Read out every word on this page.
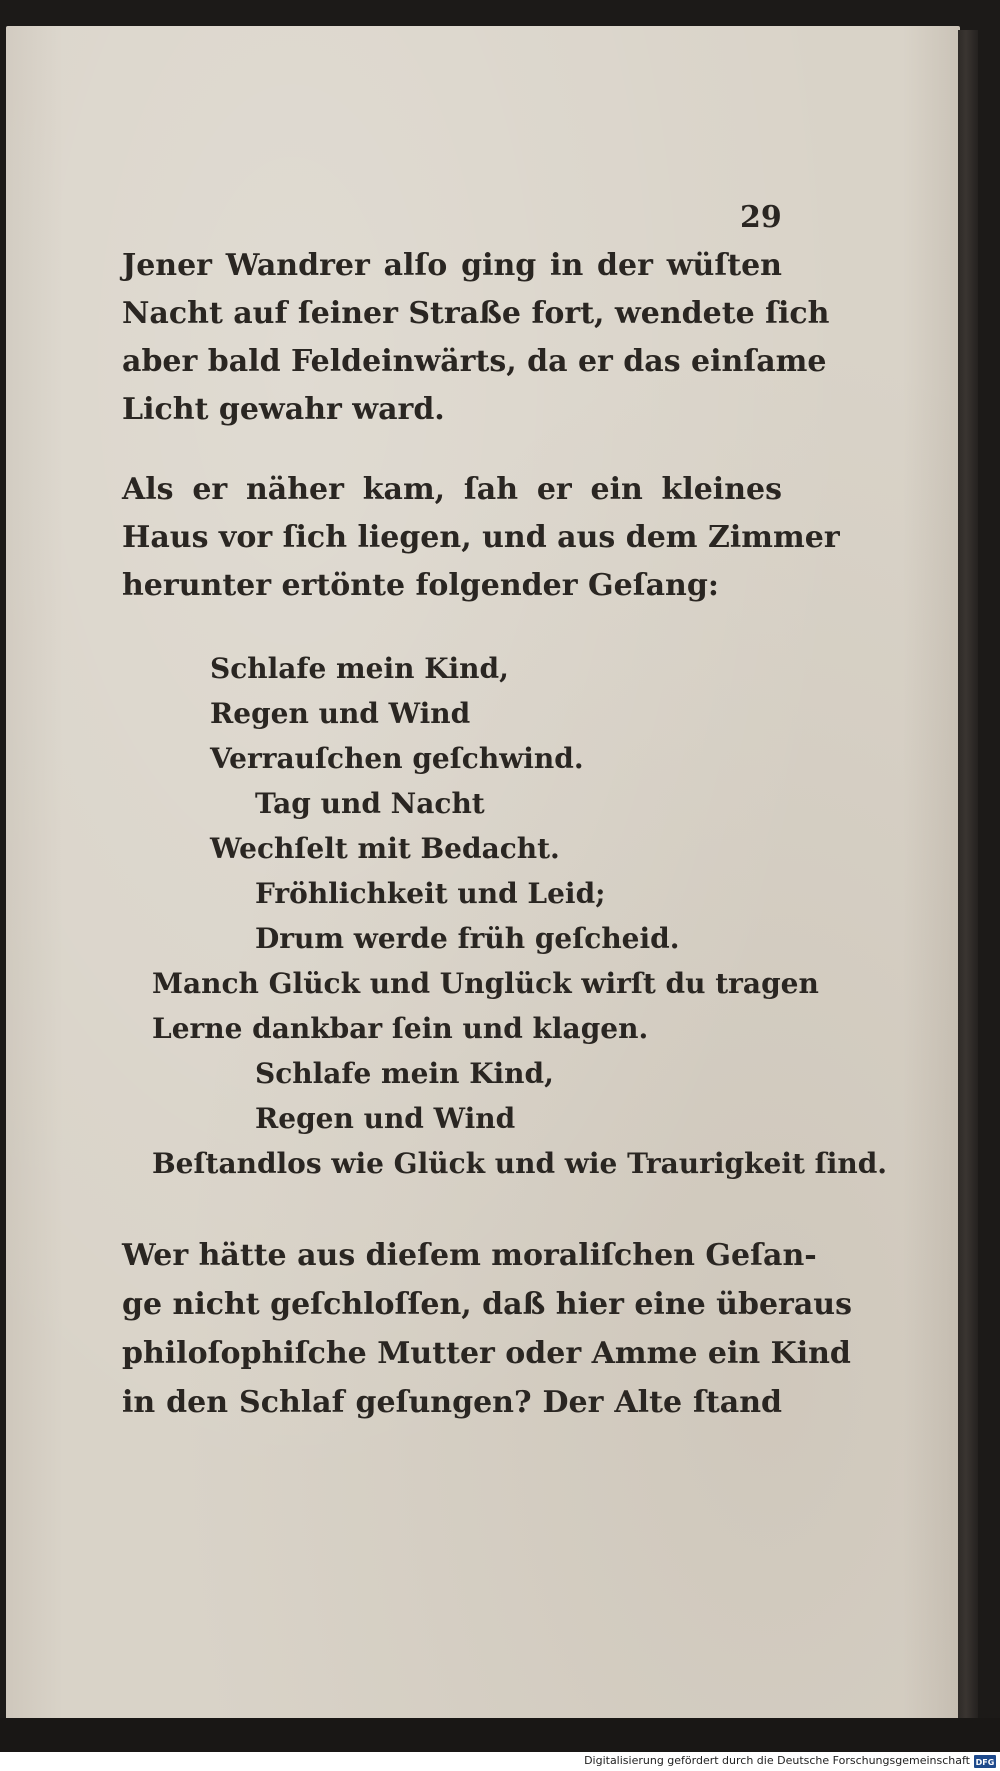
29
Jener Wandrer alſo ging in der wüſten
Nacht auf ſeiner Straße fort, wendete ſich
aber bald Feldeinwärts, da er das einſame
Licht gewahr ward.
Als er näher kam, ſah er ein kleines
Haus vor ſich liegen, und aus dem Zimmer
herunter ertönte folgender Geſang:
Schlafe mein Kind,
Regen und Wind
Verrauſchen geſchwind.
Tag und Nacht
Wechſelt mit Bedacht.
Fröhlichkeit und Leid;
Drum werde früh geſcheid.
Manch Glück und Unglück wirſt du tragen
Lerne dankbar ſein und klagen.
Schlafe mein Kind,
Regen und Wind
Beſtandlos wie Glück und wie Traurigkeit ſind.
Wer hätte aus dieſem moraliſchen Geſan-
ge nicht geſchloſſen, daß hier eine überaus
philoſophiſche Mutter oder Amme ein Kind
in den Schlaf geſungen? Der Alte ſtand
Digitalisierung gefördert durch die Deutsche Forschungsgemeinschaft DFG
